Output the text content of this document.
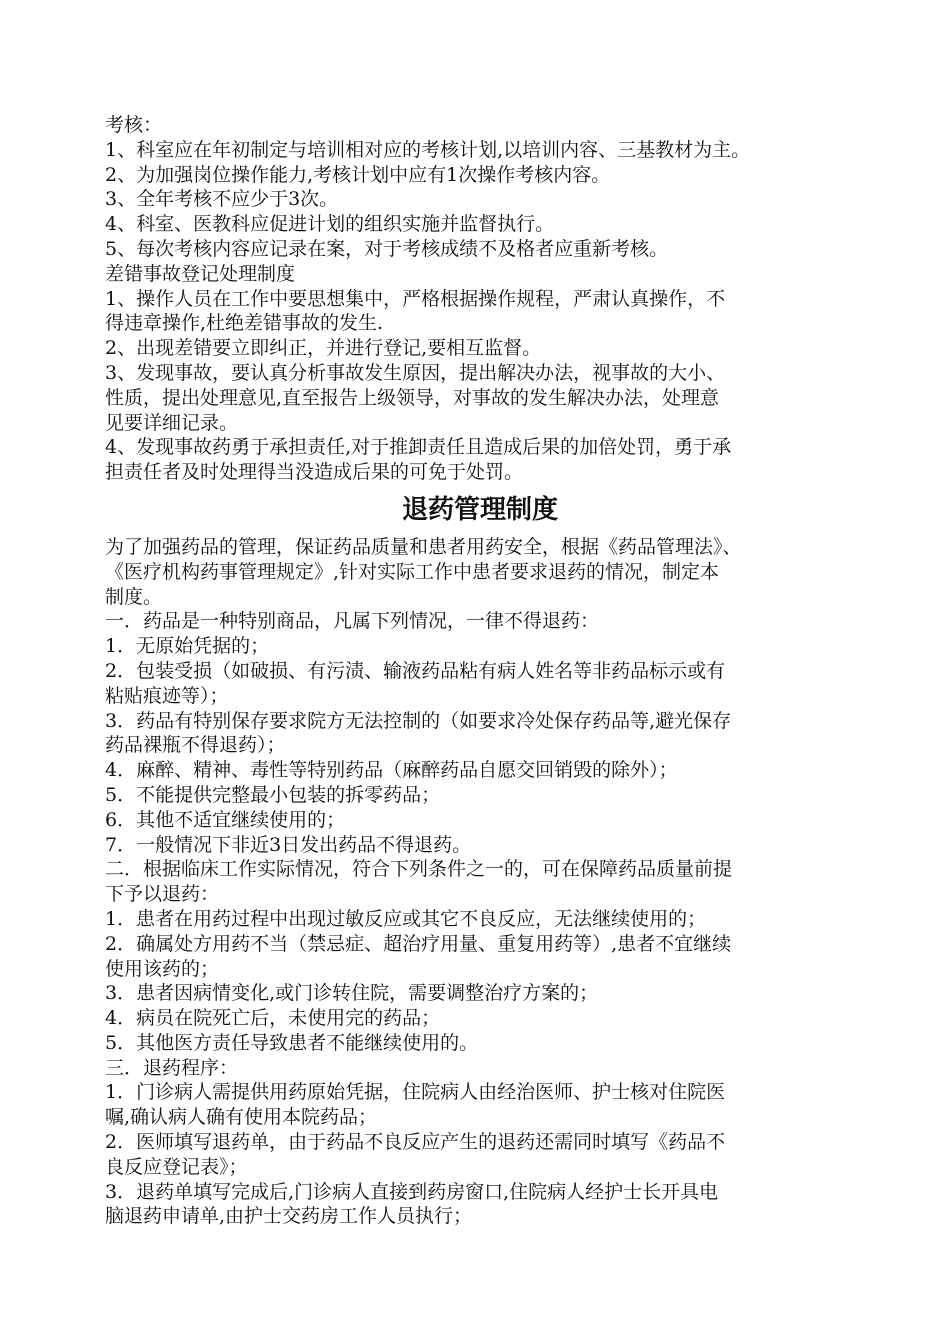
考核：
1、科室应在年初制定与培训相对应的考核计划,以培训内容、三基教材为主。
2、为加强岗位操作能力,考核计划中应有1次操作考核内容。
3、全年考核不应少于3次。
4、科室、医教科应促进计划的组织实施并监督执行。
5、每次考核内容应记录在案，对于考核成绩不及格者应重新考核。
差错事故登记处理制度
1、操作人员在工作中要思想集中，严格根据操作规程，严肃认真操作，不
得违章操作,杜绝差错事故的发生.
2、出现差错要立即纠正，并进行登记,要相互监督。
3、发现事故，要认真分析事故发生原因，提出解决办法，视事故的大小、
性质，提出处理意见,直至报告上级领导，对事故的发生解决办法，处理意
见要详细记录。
4、发现事故药勇于承担责任,对于推卸责任且造成后果的加倍处罚，勇于承
担责任者及时处理得当没造成后果的可免于处罚。
退药管理制度
为了加强药品的管理，保证药品质量和患者用药安全，根据《药品管理法》、
《医疗机构药事管理规定》,针对实际工作中患者要求退药的情况，制定本
制度。
一．药品是一种特别商品，凡属下列情况，一律不得退药：
1．无原始凭据的；
2．包装受损（如破损、有污渍、输液药品粘有病人姓名等非药品标示或有
粘贴痕迹等）；
3．药品有特别保存要求院方无法控制的（如要求冷处保存药品等,避光保存
药品裸瓶不得退药）；
4．麻醉、精神、毒性等特别药品（麻醉药品自愿交回销毁的除外）；
5．不能提供完整最小包装的拆零药品；
6．其他不适宜继续使用的；
7．一般情况下非近3日发出药品不得退药。
二．根据临床工作实际情况，符合下列条件之一的，可在保障药品质量前提
下予以退药：
1．患者在用药过程中出现过敏反应或其它不良反应，无法继续使用的；
2．确属处方用药不当（禁忌症、超治疗用量、重复用药等）,患者不宜继续
使用该药的；
3．患者因病情变化,或门诊转住院，需要调整治疗方案的；
4．病员在院死亡后，未使用完的药品；
5．其他医方责任导致患者不能继续使用的。
三．退药程序：
1．门诊病人需提供用药原始凭据，住院病人由经治医师、护士核对住院医
嘱,确认病人确有使用本院药品；
2．医师填写退药单，由于药品不良反应产生的退药还需同时填写《药品不
良反应登记表》；
3．退药单填写完成后,门诊病人直接到药房窗口,住院病人经护士长开具电
脑退药申请单,由护士交药房工作人员执行；
